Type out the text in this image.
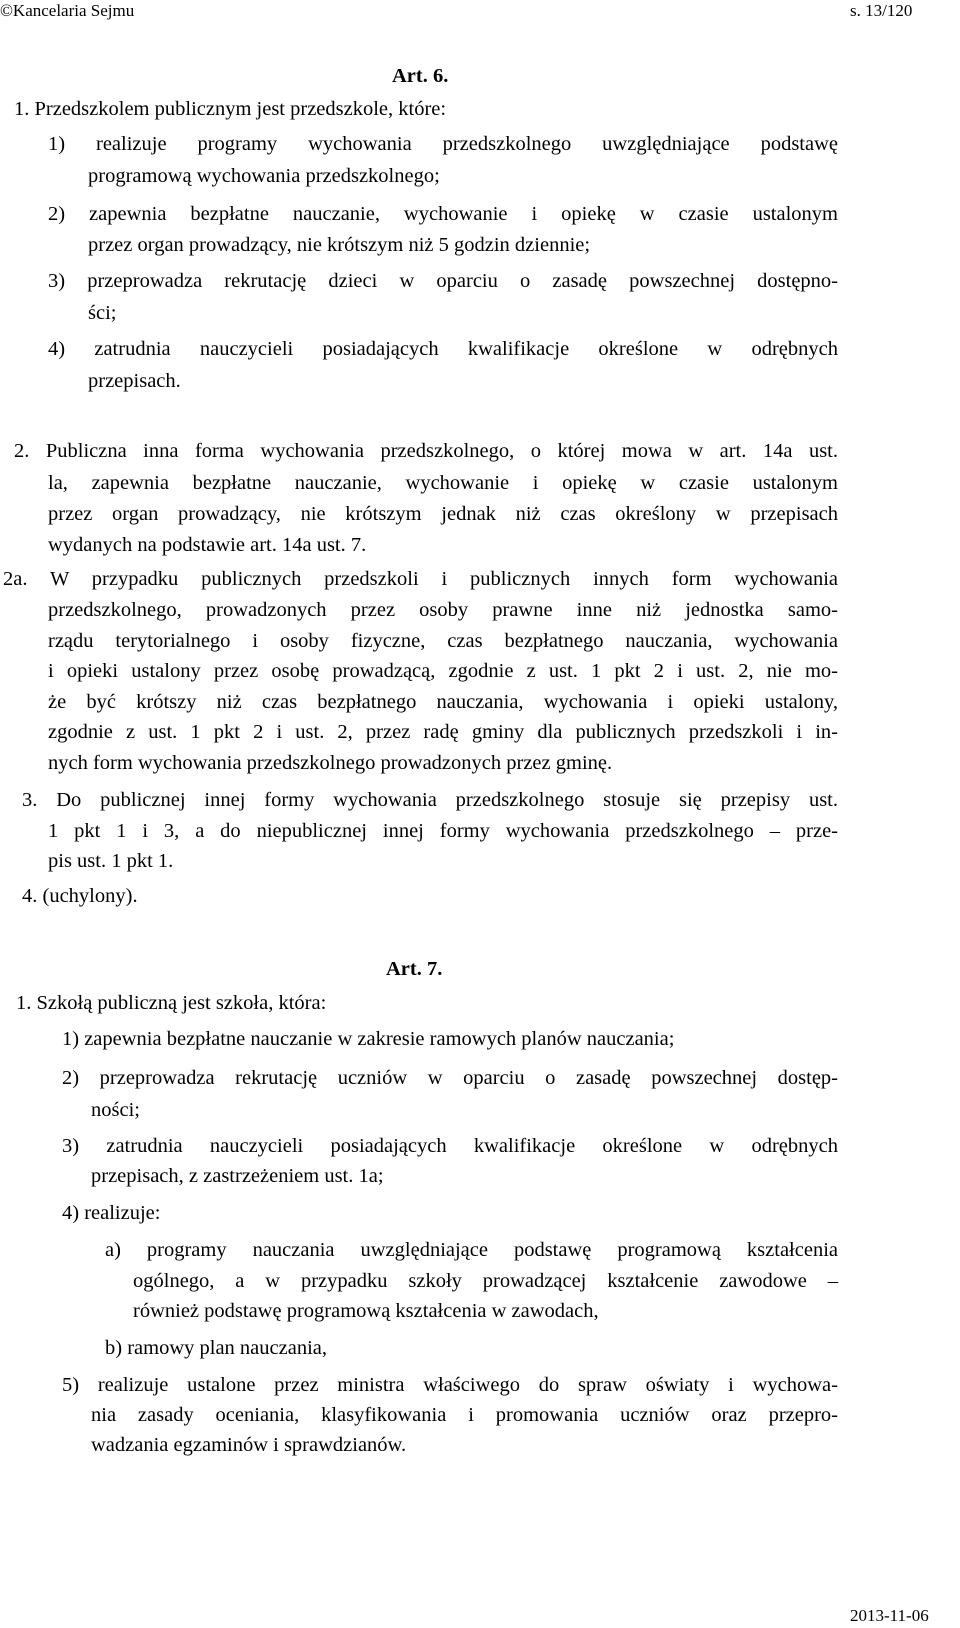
©Kancelaria Sejmu	s. 13/120
Art. 6.
1. Przedszkolem publicznym jest przedszkole, które:
1) realizuje programy wychowania przedszkolnego uwzględniające podstawę
programową wychowania przedszkolnego;
2) zapewnia bezpłatne nauczanie, wychowanie i opiekę w czasie ustalonym
przez organ prowadzący, nie krótszym niż 5 godzin dziennie;
3) przeprowadza rekrutację dzieci w oparciu o zasadę powszechnej dostępno-
ści;
4) zatrudnia nauczycieli posiadających kwalifikacje określone w odrębnych
przepisach.
2. Publiczna inna forma wychowania przedszkolnego, o której mowa w art. 14a ust.
la, zapewnia bezpłatne nauczanie, wychowanie i opiekę w czasie ustalonym
przez organ prowadzący, nie krótszym jednak niż czas określony w przepisach
wydanych na podstawie art. 14a ust. 7.
2a. W przypadku publicznych przedszkoli i publicznych innych form wychowania
przedszkolnego, prowadzonych przez osoby prawne inne niż jednostka samo-
rządu terytorialnego i osoby fizyczne, czas bezpłatnego nauczania, wychowania
i opieki ustalony przez osobę prowadzącą, zgodnie z ust. 1 pkt 2 i ust. 2, nie mo-
że być krótszy niż czas bezpłatnego nauczania, wychowania i opieki ustalony,
zgodnie z ust. 1 pkt 2 i ust. 2, przez radę gminy dla publicznych przedszkoli i in-
nych form wychowania przedszkolnego prowadzonych przez gminę.
3. Do publicznej innej formy wychowania przedszkolnego stosuje się przepisy ust.
1 pkt 1 i 3, a do niepublicznej innej formy wychowania przedszkolnego – prze-
pis ust. 1 pkt 1.
4. (uchylony).
Art. 7.
1. Szkołą publiczną jest szkoła, która:
1) zapewnia bezpłatne nauczanie w zakresie ramowych planów nauczania;
2) przeprowadza rekrutację uczniów w oparciu o zasadę powszechnej dostęp-
ności;
3) zatrudnia nauczycieli posiadających kwalifikacje określone w odrębnych
przepisach, z zastrzeżeniem ust. 1a;
4) realizuje:
a) programy nauczania uwzględniające podstawę programową kształcenia
ogólnego, a w przypadku szkoły prowadzącej kształcenie zawodowe –
również podstawę programową kształcenia w zawodach,
b) ramowy plan nauczania,
5) realizuje ustalone przez ministra właściwego do spraw oświaty i wychowa-
nia zasady oceniania, klasyfikowania i promowania uczniów oraz przepro-
wadzania egzaminów i sprawdzianów.
2013-11-06
